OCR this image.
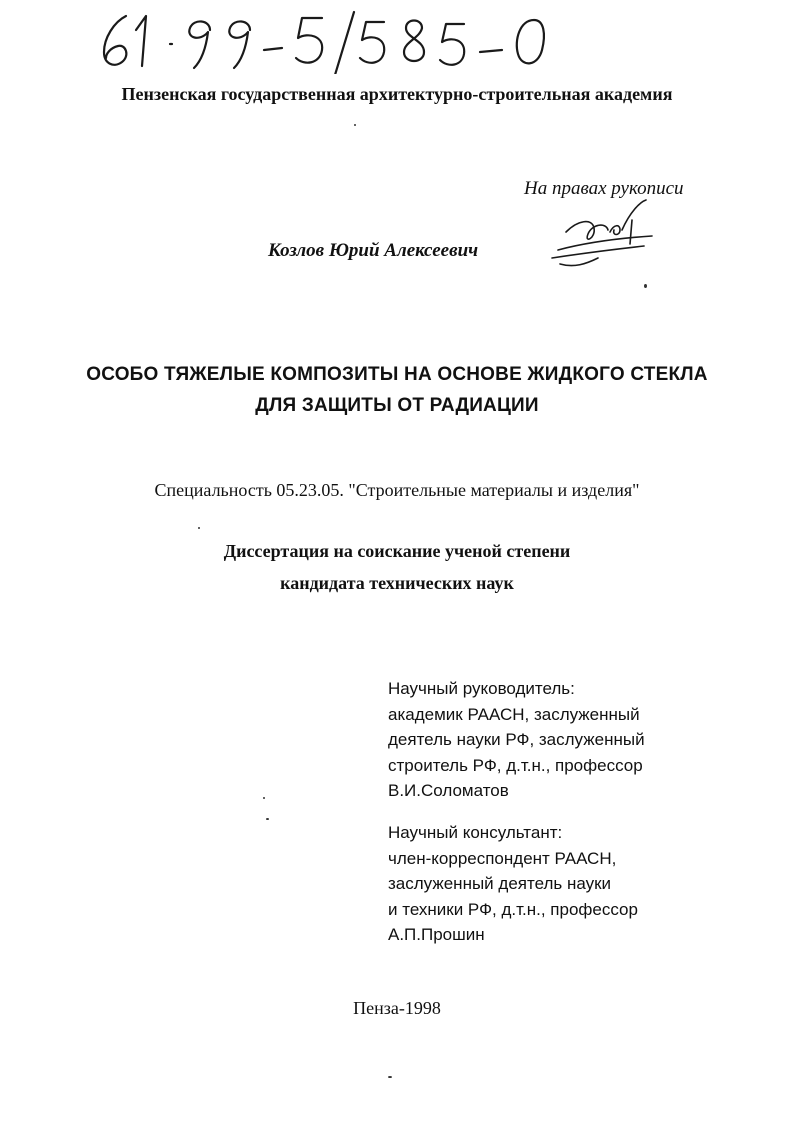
Пензенская государственная архитектурно-строительная академия
На правах рукописи
Козлов Юрий Алексеевич
ОСОБО ТЯЖЕЛЫЕ КОМПОЗИТЫ НА ОСНОВЕ ЖИДКОГО СТЕКЛА
ДЛЯ ЗАЩИТЫ ОТ РАДИАЦИИ
Специальность 05.23.05. "Строительные материалы и изделия"
Диссертация на соискание ученой степени
кандидата технических наук
Научный руководитель:
академик РААСН, заслуженный
деятель науки РФ, заслуженный
строитель РФ, д.т.н., профессор
В.И.Соломатов
Научный консультант:
член-корреспондент РААСН,
заслуженный деятель науки
и техники РФ, д.т.н., профессор
А.П.Прошин
Пенза-1998
